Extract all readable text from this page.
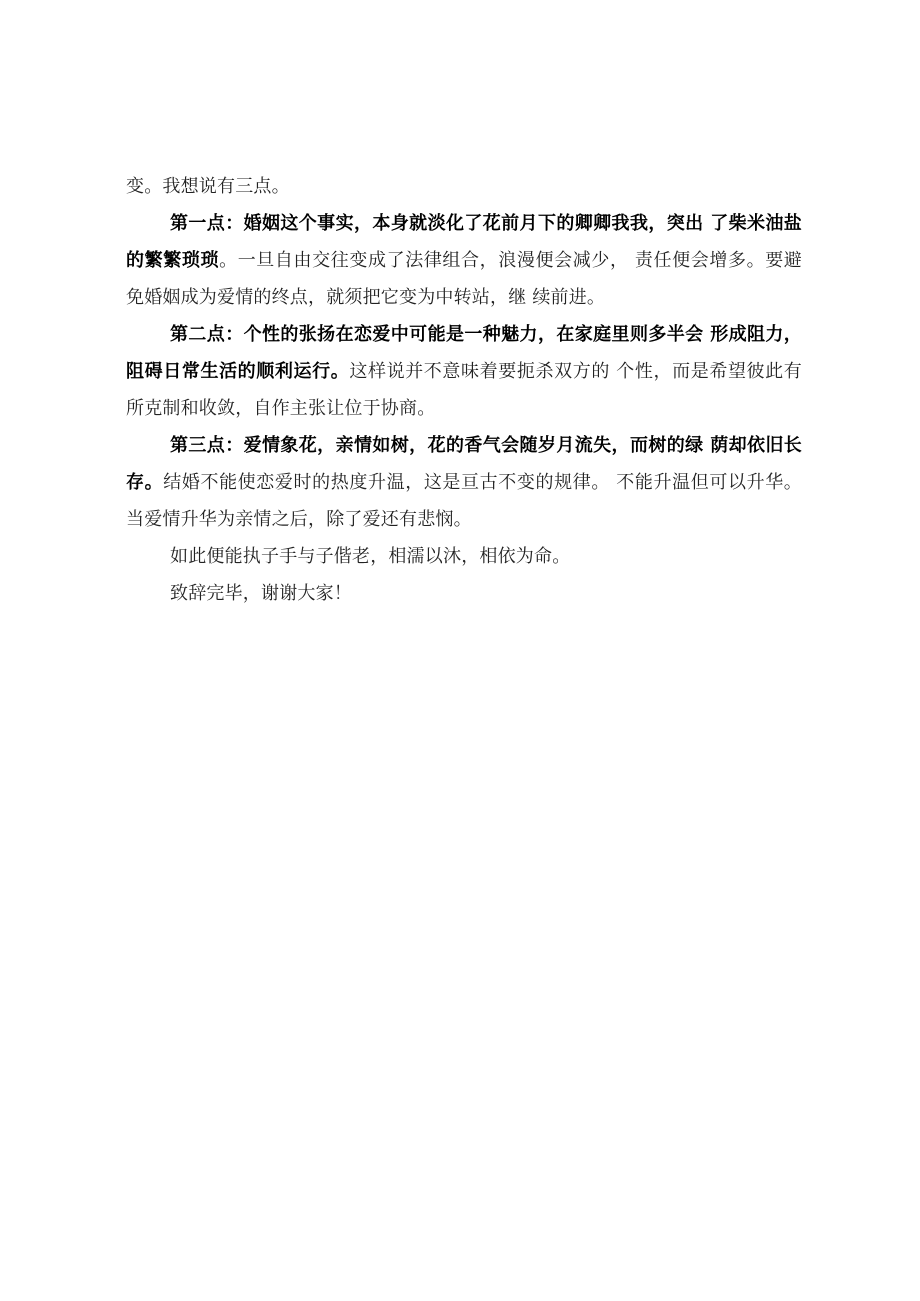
变。我想说有三点。

第一点：婚姻这个事实，本身就淡化了花前月下的卿卿我我，突出 了柴米油盐的繁繁琐琐。一旦自由交往变成了法律组合，浪漫便会减少， 责任便会增多。要避免婚姻成为爱情的终点，就须把它变为中转站，继 续前进。

第二点：个性的张扬在恋爱中可能是一种魅力，在家庭里则多半会 形成阻力，阻碍日常生活的顺利运行。这样说并不意味着要扼杀双方的 个性，而是希望彼此有所克制和收敛，自作主张让位于协商。

第三点：爱情象花，亲情如树，花的香气会随岁月流失，而树的绿 荫却依旧长存。结婚不能使恋爱时的热度升温，这是亘古不变的规律。 不能升温但可以升华。当爱情升华为亲情之后，除了爱还有悲悯。

如此便能执子手与子偕老，相濡以沐，相依为命。

致辞完毕，谢谢大家！
